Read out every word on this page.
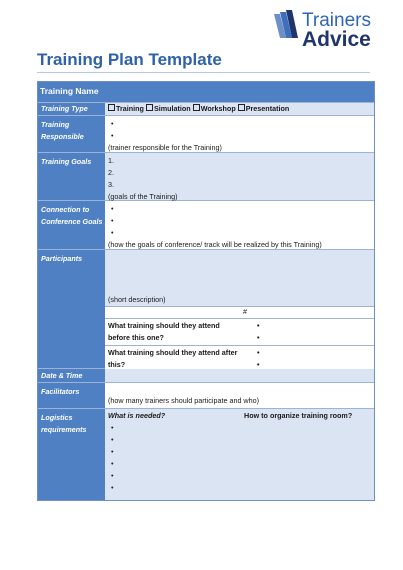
Trainers
Advice
Training Plan Template
Training Name
Training Type	Training Simulation Workshop Presentation
Training
Responsible
•
•
(trainer responsible for the Training)
Training Goals	1.
2.
3.
(goals of the Training)
Connection to
Conference Goals
•
•
•
(how the goals of conference/ track will be realized by this Training)
Participants
(short description)
#
What training should they attend
before this one?
•
•
What training should they attend after
this?
•
•
Date & Time
Facilitators
(how many trainers should participate and who)
Logistics
requirements
What is needed?
•
•
•
•
•
•
How to organize training room?
